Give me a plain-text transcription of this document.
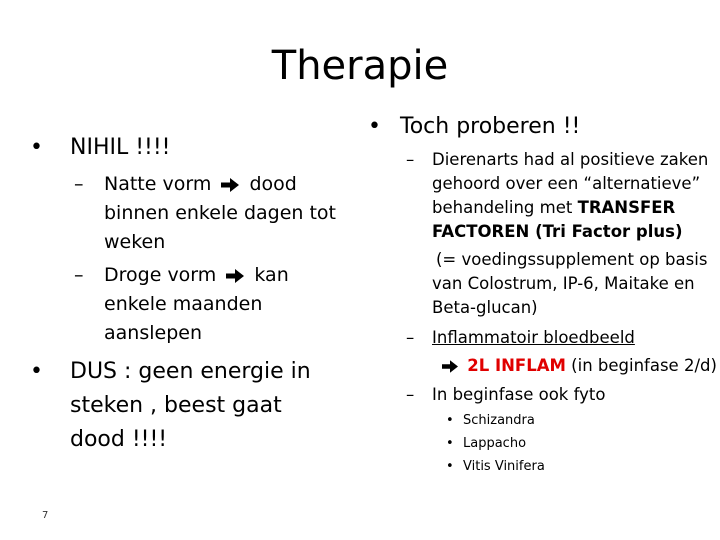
Therapie
• NIHIL !!!!
– Natte vorm dood
binnen enkele dagen tot
weken
– Droge vorm kan
enkele maanden
aanslepen
• DUS : geen energie in
steken , beest gaat
dood !!!!
• Toch proberen !!
– Dierenarts had al positieve zaken
gehoord over een “alternatieve”
behandeling met TRANSFER
FACTOREN (Tri Factor plus)
(= voedingssupplement op basis
van Colostrum, IP-6, Maitake en
Beta-glucan)
– Inflammatoir bloedbeeld
2L INFLAM (in beginfase 2/d)
– In beginfase ook fyto
• Schizandra
• Lappacho
• Vitis Vinifera
7
